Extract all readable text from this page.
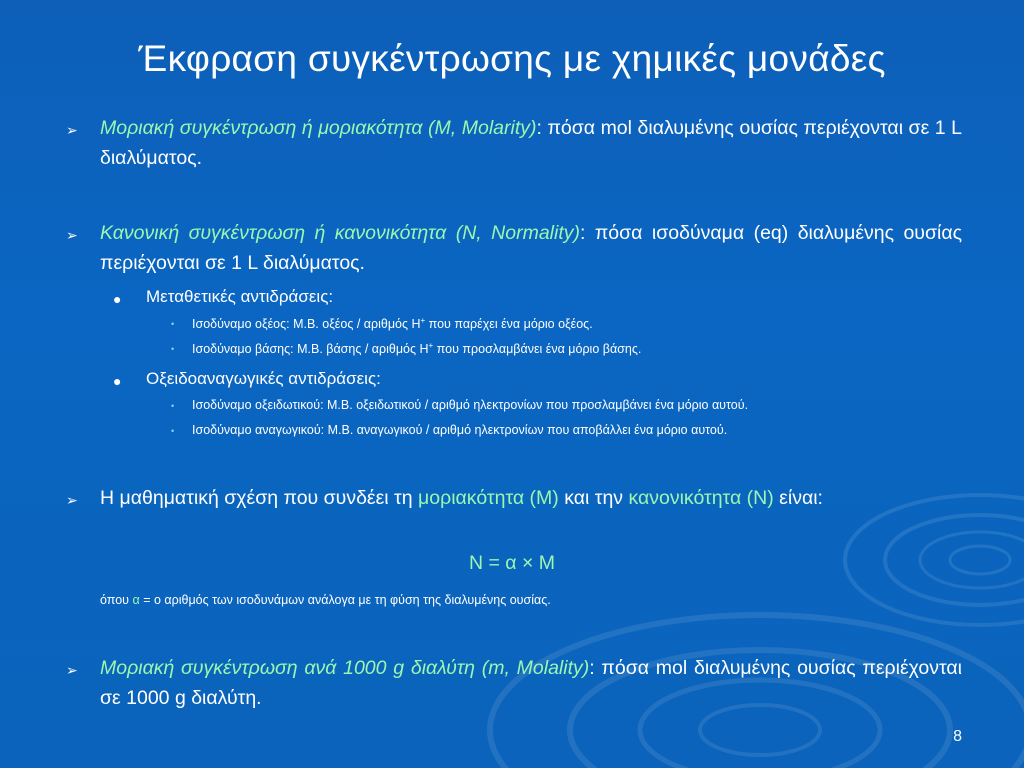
Έκφραση συγκέντρωσης με χημικές μονάδες
➢	Μοριακή συγκέντρωση ή μοριακότητα (M, Molarity): πόσα mol διαλυμένης ουσίας περιέχονται σε 1 L διαλύματος.
➢	Κανονική συγκέντρωση ή κανονικότητα (N, Normality): πόσα ισοδύναμα (eq) διαλυμένης ουσίας περιέχονται σε 1 L διαλύματος.
● Μεταθετικές αντιδράσεις:
• Ισοδύναμο οξέος: Μ.Β. οξέος / αριθμός Η+ που παρέχει ένα μόριο οξέος.
• Ισοδύναμο βάσης: Μ.Β. βάσης / αριθμός Η+ που προσλαμβάνει ένα μόριο βάσης.
● Οξειδοαναγωγικές αντιδράσεις:
• Ισοδύναμο οξειδωτικού: Μ.Β. οξειδωτικού / αριθμό ηλεκτρονίων που προσλαμβάνει ένα μόριο αυτού.
• Ισοδύναμο αναγωγικού: Μ.Β. αναγωγικού / αριθμό ηλεκτρονίων που αποβάλλει ένα μόριο αυτού.
➢	Η μαθηματική σχέση που συνδέει τη μοριακότητα (M) και την κανονικότητα (N) είναι:
N = α × M
όπου α = ο αριθμός των ισοδυνάμων ανάλογα με τη φύση της διαλυμένης ουσίας.
➢	Μοριακή συγκέντρωση ανά 1000 g διαλύτη (m, Molality): πόσα mol διαλυμένης ουσίας περιέχονται σε 1000 g διαλύτη.
8
